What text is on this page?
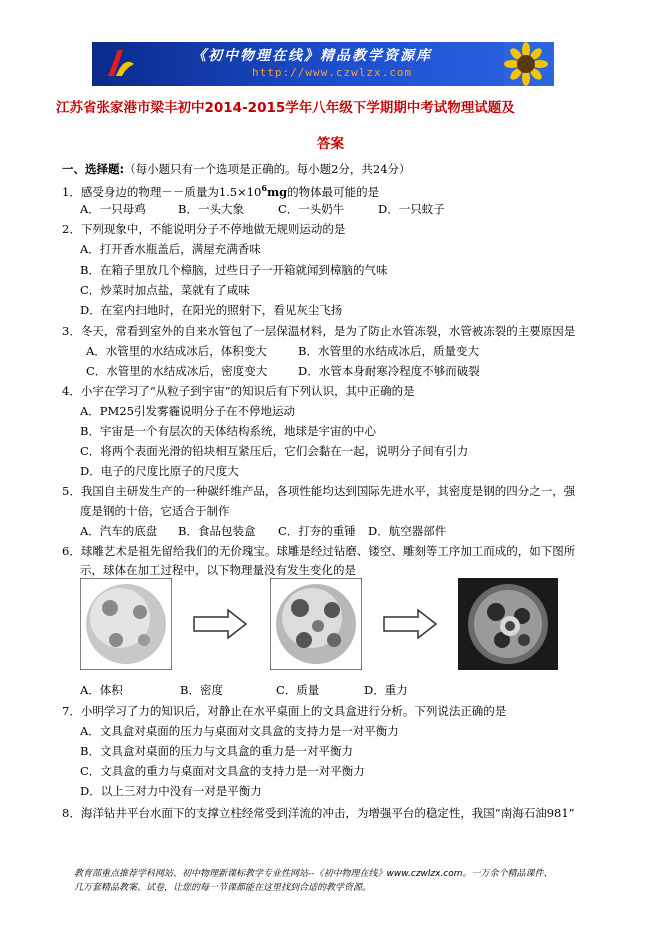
《初中物理在线》精品教学资源库
http://www.czwlzx.com
江苏省张家港市梁丰初中2014-2015学年八年级下学期期中考试物理试题及
答案
一、选择题:（每小题只有一个选项是正确的。每小题2分，共24分）
1．感受身边的物理－－质量为$1.5\times 10^6mg$的物体最可能的是
A．一只母鸡	B．一头大象	C．一头奶牛	D．一只蚊子
2．下列现象中，不能说明分子不停地做无规则运动的是
A．打开香水瓶盖后，满屋充满香味
B．在箱子里放几个樟脑，过些日子一开箱就闻到樟脑的气味
C．炒菜时加点盐，菜就有了咸味
D．在室内扫地时，在阳光的照射下，看见灰尘飞扬
3．冬天，常看到室外的自来水管包了一层保温材料，是为了防止水管冻裂，水管被冻裂的主要原因是
A．水管里的水结成冰后，体积变大	B．水管里的水结成冰后，质量变大
C．水管里的水结成冰后，密度变大	D．水管本身耐寒冷程度不够而破裂
4．小宇在学习了“从粒子到宇宙”的知识后有下列认识，其中正确的是
A．PM25引发雾霾说明分子在不停地运动
B．宇宙是一个有层次的天体结构系统，地球是宇宙的中心
C．将两个表面光滑的铅块相互紧压后，它们会黏在一起，说明分子间有引力
D．电子的尺度比原子的尺度大
5．我国自主研发生产的一种碳纤维产品，各项性能均达到国际先进水平，其密度是钢的四分之一，强
度是钢的十倍，它适合于制作
A．汽车的底盘 B．食品包装盒 C．打夯的重锤 D．航空器部件
6．球雕艺术是祖先留给我们的无价瑰宝。球雕是经过钻磨、镂空、雕刻等工序加工而成的，如下图所
示，球体在加工过程中，以下物理量没有发生变化的是
A．体积	B．密度	C．质量	D．重力
7．小明学习了力的知识后，对静止在水平桌面上的文具盒进行分析。下列说法正确的是
A．文具盒对桌面的压力与桌面对文具盒的支持力是一对平衡力
B．文具盒对桌面的压力与文具盒的重力是一对平衡力
C．文具盒的重力与桌面对文具盒的支持力是一对平衡力
D．以上三对力中没有一对是平衡力
8．海洋钻井平台水面下的支撑立柱经常受到洋流的冲击，为增强平台的稳定性，我国“南海石油981”
教育部重点推荐学科网站、初中物理新课标教学专业性网站--《初中物理在线》www.czwlzx.com。一万余个精品课件、
几万套精品教案、试卷，让您的每一节课都能在这里找到合适的教学资源。
